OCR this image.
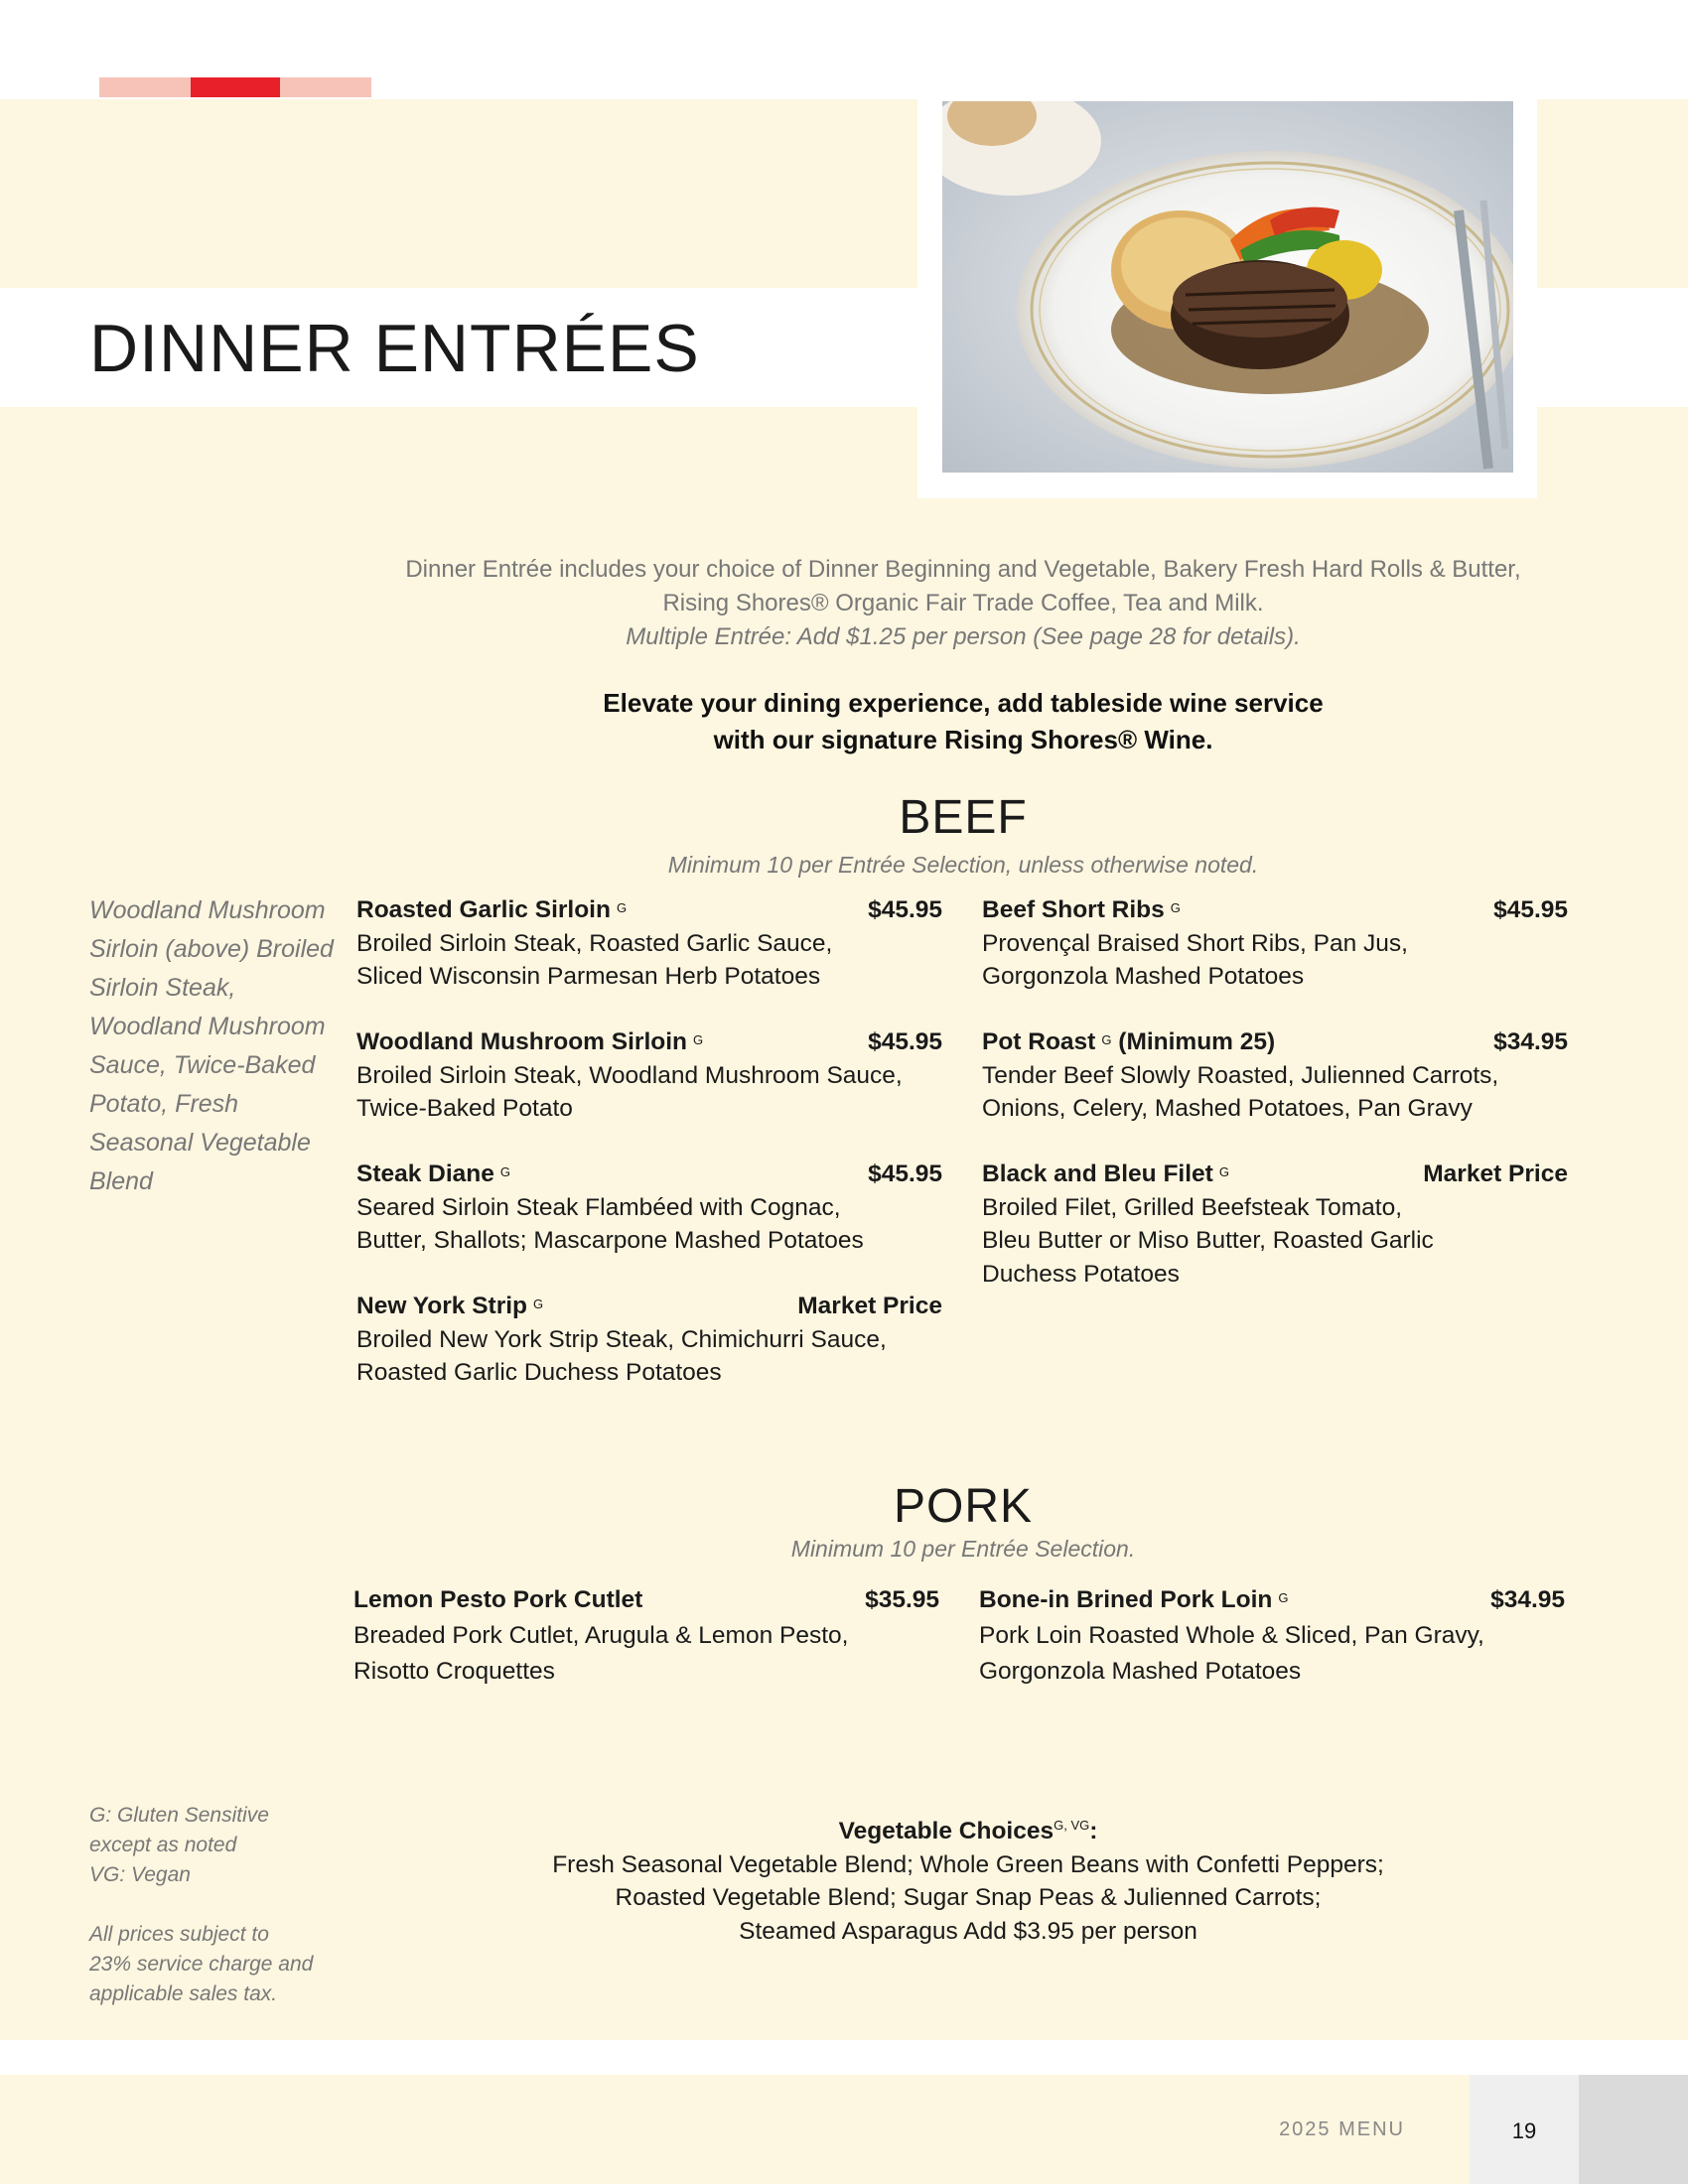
DINNER ENTRÉES
Dinner Entrée includes your choice of Dinner Beginning and Vegetable, Bakery Fresh Hard Rolls & Butter,
Rising Shores® Organic Fair Trade Coffee, Tea and Milk.
Multiple Entrée: Add $1.25 per person (See page 28 for details).
Elevate your dining experience, add tableside wine service
with our signature Rising Shores® Wine.
Woodland Mushroom Sirloin (above) Broiled Sirloin Steak, Woodland Mushroom Sauce, Twice-Baked Potato, Fresh Seasonal Vegetable Blend
BEEF
Minimum 10 per Entrée Selection, unless otherwise noted.
Roasted Garlic Sirloin $^G$	$45.95
Broiled Sirloin Steak, Roasted Garlic Sauce,
Sliced Wisconsin Parmesan Herb Potatoes
Beef Short Ribs $^G$	$45.95
Provençal Braised Short Ribs, Pan Jus,
Gorgonzola Mashed Potatoes
Woodland Mushroom Sirloin $^G$	$45.95
Broiled Sirloin Steak, Woodland Mushroom Sauce,
Twice-Baked Potato
Pot Roast $^G$ (Minimum 25)	$34.95
Tender Beef Slowly Roasted, Julienned Carrots,
Onions, Celery, Mashed Potatoes, Pan Gravy
Steak Diane $^G$	$45.95
Seared Sirloin Steak Flambéed with Cognac,
Butter, Shallots; Mascarpone Mashed Potatoes
Black and Bleu Filet $^G$	Market Price
Broiled Filet, Grilled Beefsteak Tomato,
Bleu Butter or Miso Butter, Roasted Garlic
Duchess Potatoes
New York Strip $^G$	Market Price
Broiled New York Strip Steak, Chimichurri Sauce,
Roasted Garlic Duchess Potatoes
PORK
Minimum 10 per Entrée Selection.
Lemon Pesto Pork Cutlet	$35.95
Breaded Pork Cutlet, Arugula & Lemon Pesto,
Risotto Croquettes
Bone-in Brined Pork Loin $^G$	$34.95
Pork Loin Roasted Whole & Sliced, Pan Gravy,
Gorgonzola Mashed Potatoes
G: Gluten Sensitive
except as noted
VG: Vegan
All prices subject to
23% service charge and
applicable sales tax.
Vegetable Choices$^{G, VG}$:
Fresh Seasonal Vegetable Blend; Whole Green Beans with Confetti Peppers;
Roasted Vegetable Blend; Sugar Snap Peas & Julienned Carrots;
Steamed Asparagus Add $3.95 per person
2025 MENU	19
